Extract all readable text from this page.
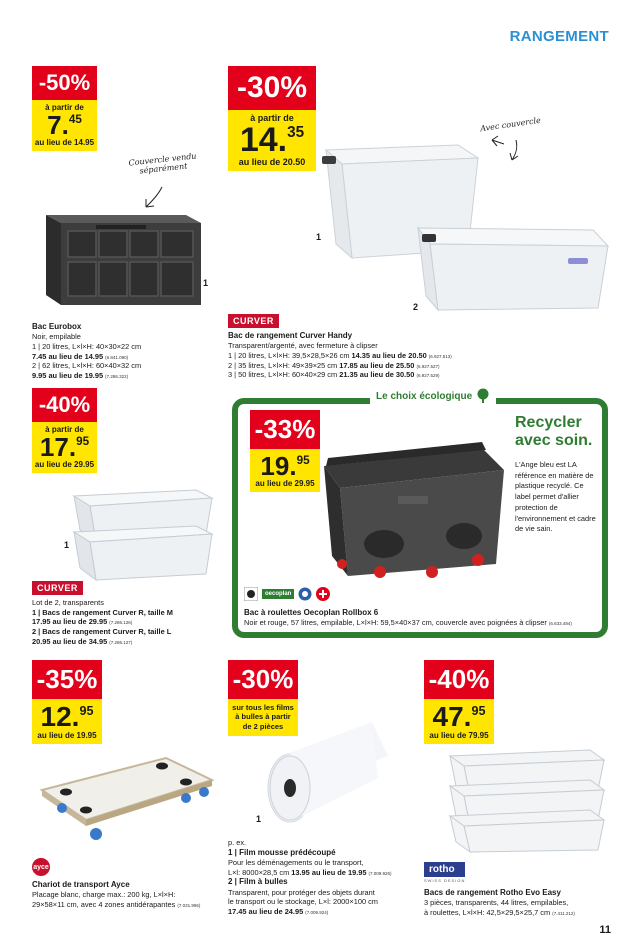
RANGEMENT
-50%
à partir de
7.45
au lieu de 14.95
Couvercle vendu séparément
1
Bac Eurobox
Noir, empilable
1 | 20 litres, L×l×H: 40×30×22 cm
7.45 au lieu de 14.95 (6.841.090)
2 | 62 litres, L×l×H: 60×40×32 cm
9.95 au lieu de 19.95 (7.286.322)
-30%
à partir de
14.35
au lieu de 20.50
Avec couvercle
1
2
CURVER
Bac de rangement Curver Handy
Transparent/argenté, avec fermeture à clipser
1 | 20 litres, L×l×H: 39,5×28,5×26 cm 14.35 au lieu de 20.50 (6.927.513)
2 | 35 litres, L×l×H: 49×39×25 cm 17.85 au lieu de 25.50 (6.927.527)
3 | 50 litres, L×l×H: 60×40×29 cm 21.35 au lieu de 30.50 (6.927.529)
-40%
à partir de
17.95
au lieu de 29.95
1
CURVER
Lot de 2, transparents
1 | Bacs de rangement Curver R, taille M
17.95 au lieu de 29.95 (7.286.126)
2 | Bacs de rangement Curver R, taille L
20.95 au lieu de 34.95 (7.286.127)
Le choix écologique
-33%
19.95
au lieu de 29.95
Recycler
avec soin.
L'Ange bleu est LA référence en matière de plastique recyclé. Ce label permet d'allier protection de l'environnement et cadre de vie sain.
oecoplan
Bac à roulettes Oecoplan Rollbox 6
Noir et rouge, 57 litres, empilable, L×l×H: 59,5×40×37 cm, couvercle avec poignées à clipser (6.633.484)
-35%
12.95
au lieu de 19.95
ayce
Chariot de transport Ayce
Placage blanc, charge max.: 200 kg, L×l×H:
29×58×11 cm, avec 4 zones antidérapantes (7.031.996)
-30%
sur tous les films à bulles à partir de 2 pièces
1
p. ex.
1 | Film mousse prédécoupé
Pour les déménagements ou le transport,
L×l: 8000×28,5 cm 13.95 au lieu de 19.95 (7.009.926)
2 | Film à bulles
Transparent, pour protéger des objets durant
le transport ou le stockage, L×l: 2000×100 cm
17.45 au lieu de 24.95 (7.009.924)
-40%
47.95
au lieu de 79.95
rotho
SWISS DESIGN
Bacs de rangement Rotho Evo Easy
3 pièces, transparents, 44 litres, empilables,
à roulettes, L×l×H: 42,5×29,5×25,7 cm (7.411.212)
11
